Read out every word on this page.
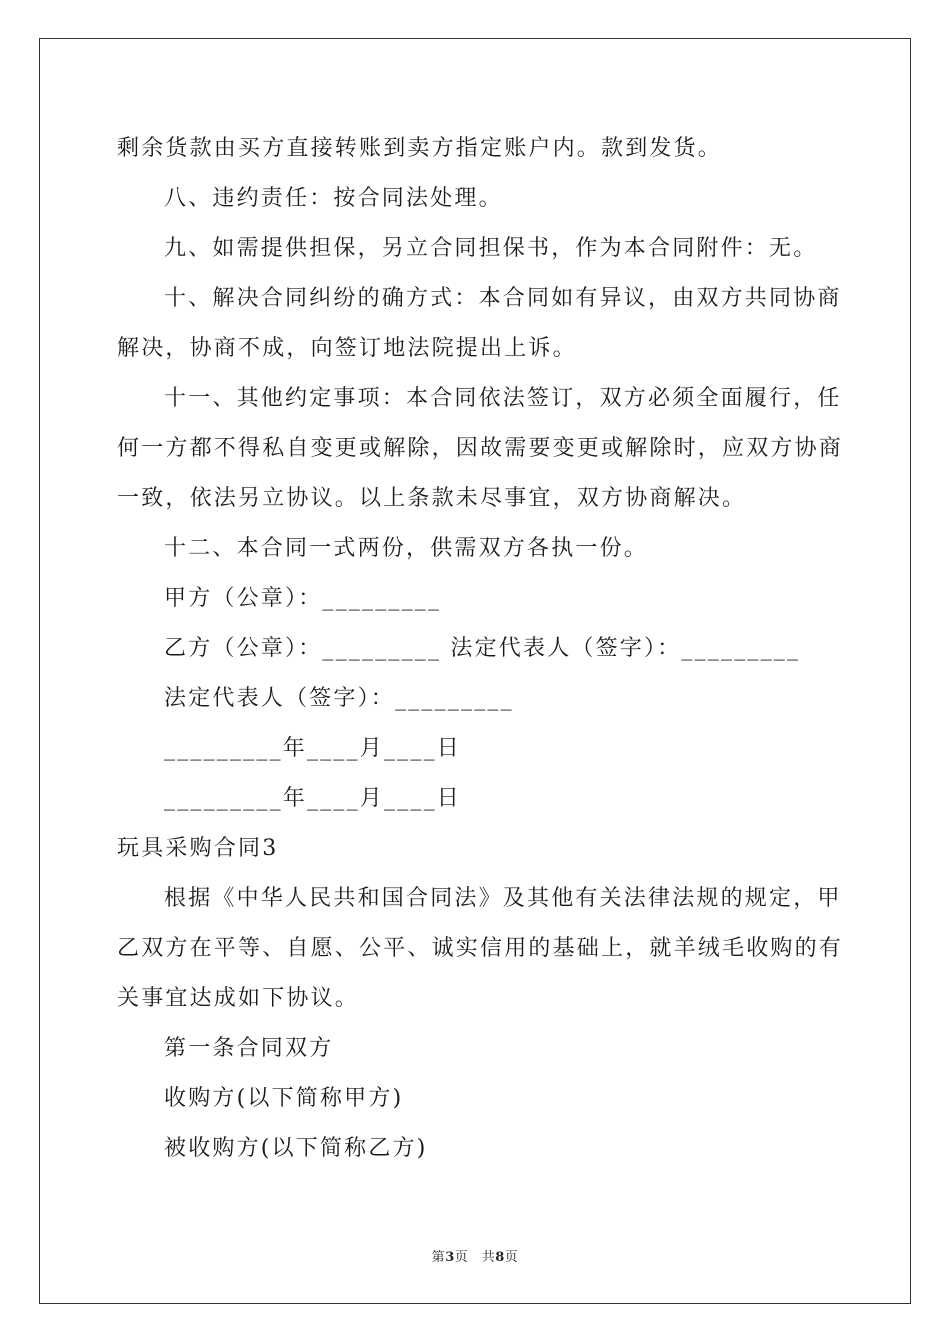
剩余货款由买方直接转账到卖方指定账户内。款到发货。
八、违约责任：按合同法处理。
九、如需提供担保，另立合同担保书，作为本合同附件：无。
十、解决合同纠纷的确方式：本合同如有异议，由双方共同协商
解决，协商不成，向签订地法院提出上诉。
十一、其他约定事项：本合同依法签订，双方必须全面履行，任
何一方都不得私自变更或解除，因故需要变更或解除时，应双方协商
一致，依法另立协议。以上条款未尽事宜，双方协商解决。
十二、本合同一式两份，供需双方各执一份。
甲方（公章）：_________
乙方（公章）：_________ 法定代表人（签字）：_________
法定代表人（签字）：_________
_________年____月____日
_________年____月____日
玩具采购合同3
根据《中华人民共和国合同法》及其他有关法律法规的规定，甲
乙双方在平等、自愿、公平、诚实信用的基础上，就羊绒毛收购的有
关事宜达成如下协议。
第一条合同双方
收购方(以下简称甲方)
被收购方(以下简称乙方)
第3页　共8页
